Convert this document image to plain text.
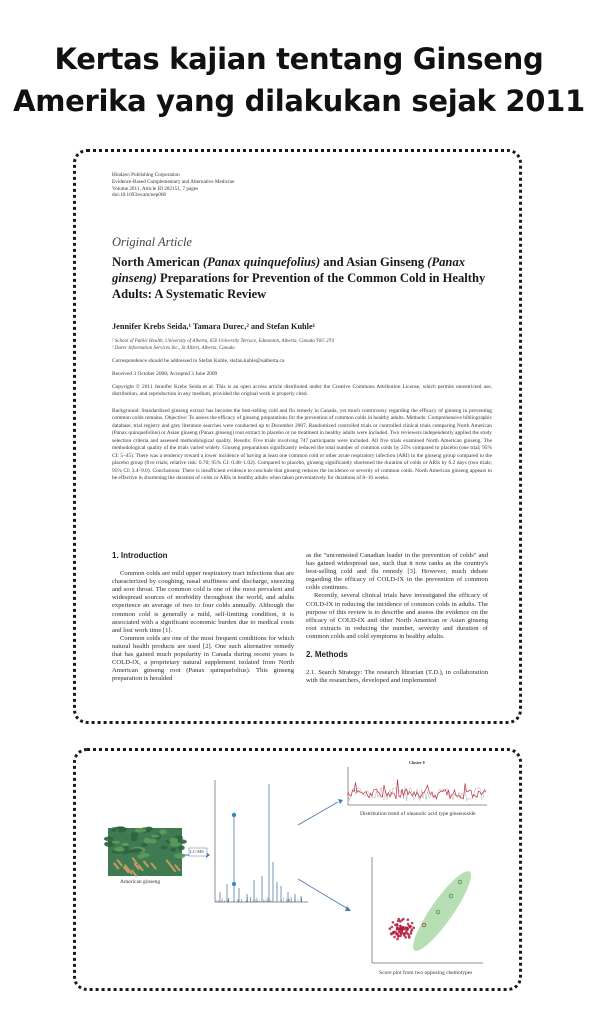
Kertas kajian tentang Ginseng
Amerika yang dilakukan sejak 2011
Hindawi Publishing Corporation
Evidence-Based Complementary and Alternative Medicine
Volume 2011, Article ID 282151, 7 pages
doi:10.1093/ecam/nep068
Original Article
North American (Panax quinquefolius) and Asian Ginseng (Panax ginseng) Preparations for Prevention of the Common Cold in Healthy Adults: A Systematic Review
Jennifer Krebs Seida,¹ Tamara Durec,² and Stefan Kuhle¹
¹ School of Public Health, University of Alberta, 650 University Terrace, Edmonton, Alberta, Canada T6G 2T4
² Durec Information Services Inc., St Albert, Alberta, Canada
Correspondence should be addressed to Stefan Kuhle, stefan.kuhle@ualberta.ca
Received 3 October 2008; Accepted 3 June 2009
Copyright © 2011 Jennifer Krebs Seida et al. This is an open access article distributed under the Creative Commons Attribution License, which permits unrestricted use, distribution, and reproduction in any medium, provided the original work is properly cited.
Background: Standardized ginseng extract has become the best-selling cold and flu remedy in Canada, yet much controversy regarding the efficacy of ginseng in preventing common colds remains. Objective: To assess the efficacy of ginseng preparations for the prevention of common colds in healthy adults. Methods: Comprehensive bibliographic database, trial registry and grey literature searches were conducted up to December 2007. Randomized controlled trials or controlled clinical trials comparing North American (Panax quinquefolius) or Asian ginseng (Panax ginseng) root extract to placebo or no treatment in healthy adults were included. Two reviewers independently applied the study selection criteria and assessed methodological quality. Results: Five trials involving 747 participants were included. All five trials examined North American ginseng. The methodological quality of the trials varied widely. Ginseng preparations significantly reduced the total number of common colds by 25% compared to placebo (one trial; 95% CI: 5–45). There was a tendency toward a lower incidence of having at least one common cold or other acute respiratory infection (ARI) in the ginseng group compared to the placebo group (five trials; relative risk: 0.70; 95% CI: 0.48–1.02). Compared to placebo, ginseng significantly shortened the duration of colds or ARIs by 6.2 days (two trials; 95% CI: 3.4–9.0). Conclusions: There is insufficient evidence to conclude that ginseng reduces the incidence or severity of common colds. North American ginseng appears to be effective in shortening the duration of colds or ARIs in healthy adults when taken preventatively for durations of 8–16 weeks.
1. Introduction

Common colds are mild upper respiratory tract infections that are characterized by coughing, nasal stuffiness and discharge, sneezing and sore throat. The common cold is one of the most prevalent and widespread sources of morbidity throughout the world, and adults experience an average of two to four colds annually. Although the common cold is generally a mild, self-limiting condition, it is associated with a significant economic burden due to medical costs and lost work time [1].

Common colds are one of the most frequent conditions for which natural health products are used [2]. One such alternative remedy that has gained much popularity in Canada during recent years is COLD-fX, a proprietary natural supplement isolated from North American ginseng root (Panax quinquefolius). This ginseng preparation is heralded

as the "uncontested Canadian leader in the prevention of colds" and has gained widespread use, such that it now ranks as the country's best-selling cold and flu remedy [3]. However, much debate regarding the efficacy of COLD-fX in the prevention of common colds continues.

Recently, several clinical trials have investigated the efficacy of COLD-fX in reducing the incidence of common colds in adults. The purpose of this review is to describe and assess the evidence on the efficacy of COLD-fX and other North American or Asian ginseng root extracts in reducing the number, severity and duration of common colds and cold symptoms in healthy adults.

2. Methods

2.1. Search Strategy: The research librarian (T.D.), in collaboration with the researchers, developed and implemented

LC-MS
American ginseng
Cluster 0
Distribution trend of oleanolic acid type ginsenoside
Score plot from two opposing chemotypes
